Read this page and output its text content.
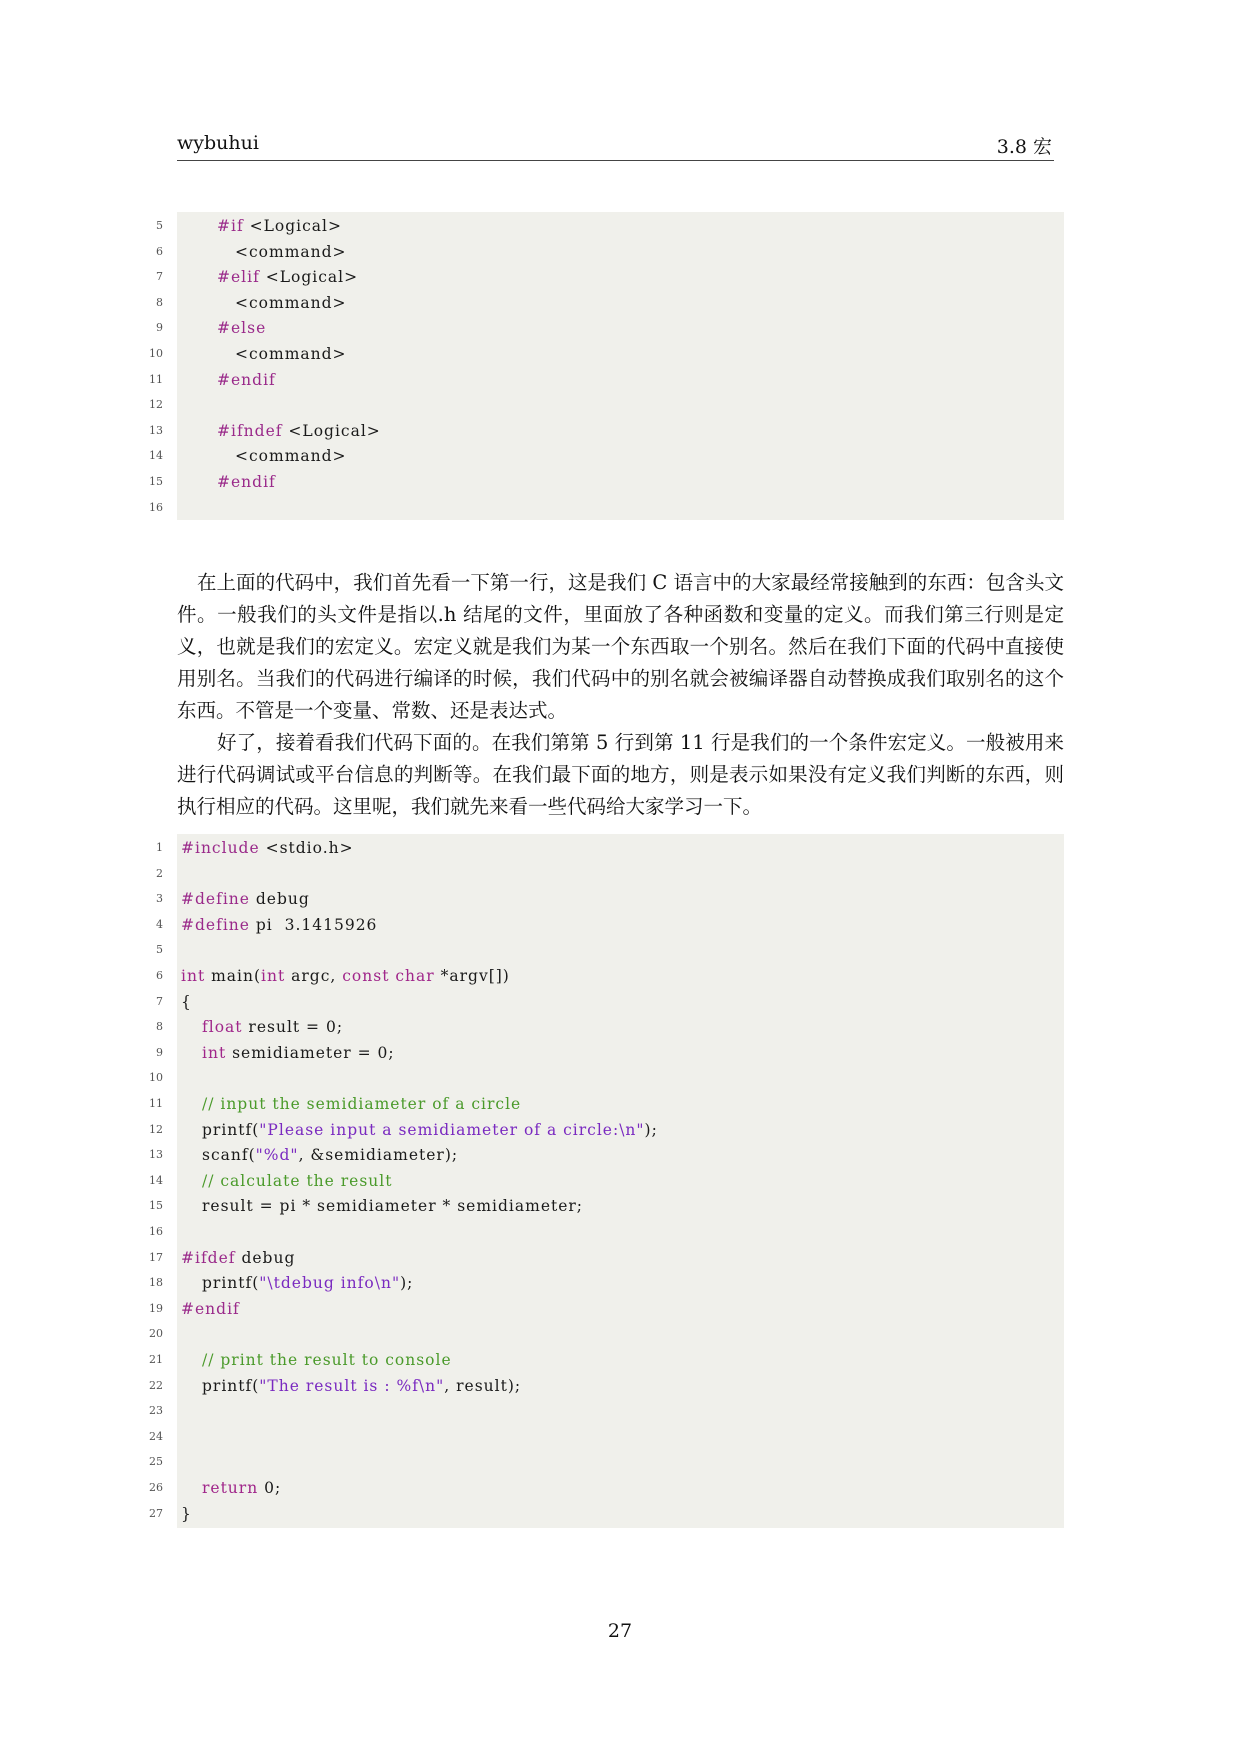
wybuhui	3.8 宏
5	#if <Logical>
6	<command>
7	#elif <Logical>
8	<command>
9	#else
10	<command>
11	#endif
12
13	#ifndef <Logical>
14	<command>
15	#endif
16
在上面的代码中，我们首先看一下第一行，这是我们 C 语言中的大家最经常接触到的东西：包含头文件。一般我们的头文件是指以.h 结尾的文件，里面放了各种函数和变量的定义。而我们第三行则是定义，也就是我们的宏定义。宏定义就是我们为某一个东西取一个别名。然后在我们下面的代码中直接使用别名。当我们的代码进行编译的时候，我们代码中的别名就会被编译器自动替换成我们取别名的这个东西。不管是一个变量、常数、还是表达式。
好了，接着看我们代码下面的。在我们第第 5 行到第 11 行是我们的一个条件宏定义。一般被用来进行代码调试或平台信息的判断等。在我们最下面的地方，则是表示如果没有定义我们判断的东西，则执行相应的代码。这里呢，我们就先来看一些代码给大家学习一下。
1 #include <stdio.h>
2
3 #define debug
4 #define pi  3.1415926
5
6 int main(int argc, const char *argv[])
7 {
8	float result = 0;
9	int semidiameter = 0;
10
11	// input the semidiameter of a circle
12	printf("Please input a semidiameter of a circle:\n");
13	scanf("%d", &semidiameter);
14	// calculate the result
15	result = pi * semidiameter * semidiameter;
16
17 #ifdef debug
18	printf("\tdebug info\n");
19 #endif
20
21	// print the result to console
22	printf("The result is : %f\n", result);
23
24
25
26	return 0;
27 }
27
